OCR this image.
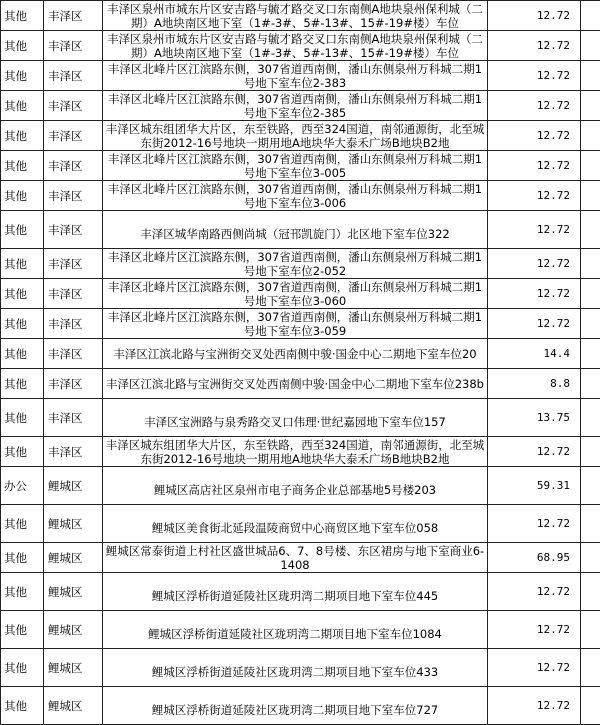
其他	丰泽区	丰泽区泉州市城东片区安吉路与毓才路交叉口东南侧A地块泉州保利城（二期）A地块南区地下室（1#-3#、5#-13#、15#-19#楼）车位	12.72	
其他	丰泽区	丰泽区泉州市城东片区安吉路与毓才路交叉口东南侧A地块泉州保利城（二期）A地块南区地下室（1#-3#、5#-13#、15#-19#楼）车位	12.72	
其他	丰泽区	丰泽区北峰片区江滨路东侧，307省道西南侧，潘山东侧泉州万科城二期1号地下室车位2-383	12.72	
其他	丰泽区	丰泽区北峰片区江滨路东侧，307省道西南侧，潘山东侧泉州万科城二期1号地下室车位2-385	12.72	
其他	丰泽区	丰泽区城东组团华大片区，东至铁路，西至324国道，南邻通源街，北至城东街2012-16号地块一期用地A地块华大泰禾广场B地块B2地	12.72	
其他	丰泽区	丰泽区北峰片区江滨路东侧，307省道西南侧，潘山东侧泉州万科城二期1号地下室车位3-005	12.72	
其他	丰泽区	丰泽区北峰片区江滨路东侧，307省道西南侧，潘山东侧泉州万科城二期1号地下室车位3-006	12.72	
其他	丰泽区	丰泽区城华南路西侧尚城（冠邗凯旋门）北区地下室车位322	12.72	
其他	丰泽区	丰泽区北峰片区江滨路东侧，307省道西南侧，潘山东侧泉州万科城二期1号地下室车位2-052	12.72	
其他	丰泽区	丰泽区北峰片区江滨路东侧，307省道西南侧，潘山东侧泉州万科城二期1号地下室车位3-060	12.72	
其他	丰泽区	丰泽区北峰片区江滨路东侧，307省道西南侧，潘山东侧泉州万科城二期1号地下室车位3-059	12.72	
其他	丰泽区	丰泽区江滨北路与宝洲街交叉处西南侧中骏·国金中心二期地下室车位20	14.4	
其他	丰泽区	丰泽区江滨北路与宝洲街交叉处西南侧中骏·国金中心二期地下室车位238b	8.8	
其他	丰泽区	丰泽区宝洲路与泉秀路交叉口伟理·世纪嘉园地下室车位157	13.75	
其他	丰泽区	丰泽区城东组团华大片区，东至铁路，西至324国道，南邻通源街，北至城东街2012-16号地块一期用地A地块华大泰禾广场B地块B2地	12.72	
办公	鲤城区	鲤城区高店社区泉州市电子商务企业总部基地5号楼203	59.31	
其他	鲤城区	鲤城区美食街北延段温陵商贸中心商贸区地下室车位058	12.72	
其他	鲤城区	鲤城区常泰街道上村社区盛世城品6、7、8号楼、东区裙房与地下室商业6-1408	68.95	
其他	鲤城区	鲤城区浮桥街道延陵社区珑玥湾二期项目地下室车位445	12.72	
其他	鲤城区	鲤城区浮桥街道延陵社区珑玥湾二期项目地下室车位1084	12.72	
其他	鲤城区	鲤城区浮桥街道延陵社区珑玥湾二期项目地下室车位433	12.72	
其他	鲤城区	鲤城区浮桥街道延陵社区珑玥湾二期项目地下室车位727	12.72	
